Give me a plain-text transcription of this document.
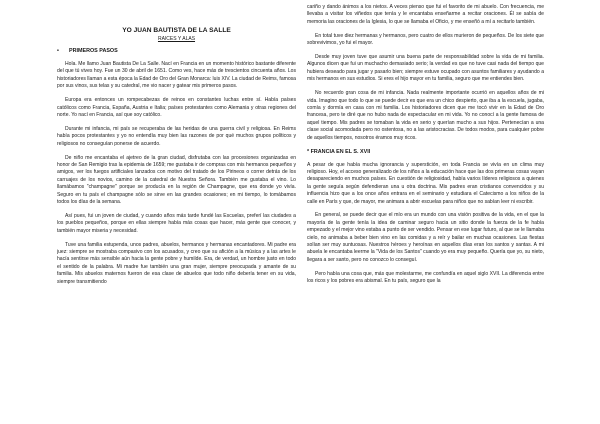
YO JUAN BAUTISTA DE LA SALLE
RAICES Y ALAS
• PRIMEROS PASOS

Hola. Me llamo Juan Bautista De La Salle. Nací en Francia en un momento histórico bastante diferente del que tú vives hoy. Fue un 30 de abril de 1651. Como ves, hace más de trescientos cincuenta años. Los historiadores llaman a esta época la Edad de Oro del Gran Monarca: luis XIV. La ciudad de Reims, famosa por sus vinos, sus telas y su catedral, me vio nacer y gatear mis primeros pasos.

Europa era entonces un rompecabezas de reinos en constantes luchas entre sí. Había países católicos como Francia, España, Austria e Italia; países protestantes como Alemania y otras regiones del norte. Yo nací en Francia, así que soy católico.

Durante mi infancia, mi país se recuperaba de las heridas de una guerra civil y religiosa. En Reims había pocos protestantes y yo no entendía muy bien las razones de por qué muchos grupos políticos y religiosos no conseguían ponerse de acuerdo.

De niño me encantaba el ajetreo de la gran ciudad, disfrutaba con las procesiones organizadas en honor de San Remigio tras la epidemia de 1659; me gustaba ir de compras con mis hermanos pequeños y amigos, ver los fuegos artificiales lanzados con motivo del tratado de los Pirineos o correr detrás de los carruajes de los novios, camino de la catedral de Nuestra Señora. También me gustaba el vino. Lo llamábamos "champagne" porque se producía en la región de Champagne, que era donde yo vivía. Seguro en tu país el champagne sólo se sirve en las grandes ocasiones; en mi tiempo, lo tomábamos todos los días de la semana.

Así pues, fui un joven de ciudad, y cuando años más tarde fundé las Escuelas, preferí las ciudades a los pueblos pequeños, porque en ellas siempre había más cosas que hacer, más gente que conocer, y también mayor miseria y necesidad.

Tuve una familia estupenda, unos padres, abuelos, hermanos y hermanas encantadores. Mi padre era juez: siempre se mostraba compasivo con los acusados, y creo que su afición a la música y a las artes le hacía sentirse más sensible aún hacia la gente pobre y humilde. Era, de verdad, un hombre justo en todo el sentido de la palabra. Mi madre fue también una gran mujer, siempre preocupada y amante de su familia. Mis abuelos maternos fueron de esa clase de abuelos que todo niño debería tener en su vida, siempre transmitiendo

cariño y dando ánimos a los nietos. A veces pienso que fui el favorito de mi abuelo. Con frecuencia, me llevaba a visitar los viñedos que tenía y le encantaba enseñarme a recitar oraciones. Él se sabía de memoria las oraciones de la Iglesia, lo que se llamaba el Oficio, y me enseñó a mí a recitarlo también.

En total tuve diez hermanas y hermanos, pero cuatro de ellos murieron de pequeños. De los siete que sobrevivimos, yo fui el mayor.

Desde muy joven tuve que asumir una buena parte de responsabilidad sobre la vida de mi familia. Algunos dicen que fui un muchacho demasiado serio; la verdad es que no tuve casi nada del tiempo que hubiera deseado para jugar y pasarlo bien; siempre estuve ocupado con asuntos familiares y ayudando a mis hermanos en sus estudios. Si eres el hijo mayor en tu familia, seguro que me entiendes bien.

No recuerdo gran cosa de mi infancia. Nada realmente importante ocurrió en aquellos años de mi vida. Imagino que todo lo que se puede decir es que era un chico despierto, que iba a la escuela, jugaba, comía y dormía en casa con mi familia. Los historiadores dicen que me tocó vivir en la Edad de Oro francesa, pero te diré que no hubo nada de espectacular en mi vida. Yo no conocí a la gente famosa de aquel tiempo. Mis padres se tomaban la vida en serio y querían mucho a sus hijos. Pertenecían a una clase social acomodada pero no ostentosa, no a las aristocracias. De todos modos, para cualquier pobre de aquellos tiempos, nosotros éramos muy ricos.

* FRANCIA EN EL S. XVII

A pesar de que había mucha ignorancia y superstición, en toda Francia se vivía en un clima muy religioso. Hoy, el acceso generalizado de los niños a la educación hace que las dos primeras cosas vayan desapareciendo en muchos países. En cuestión de religiosidad, había varios líderes religiosos a quienes la gente seguía según defendieran una u otra doctrina. Mis padres eran cristianos convencidos y su influencia hizo que a los once años entrara en el seminario y estudiara el Catecismo a los niños de la calle en París y que, de mayor, me animara a abrir escuelas para niños que no sabían leer ni escribir.

En general, se puede decir que el mío era un mundo con una visión positiva de la vida, en el que la mayoría de la gente tenía la idea de caminar seguro hacia un sitio donde la fuerza de la fe había empezado y el mejor vino estaba a punto de ser vendido. Pensar en ese lugar futuro, al que se le llamaba cielo, no animaba a beber bien vino en las comidas y a reír y bailar en muchas ocasiones. Las fiestas solían ser muy suntuosas. Nuestros héroes y heroínas en aquellos días eran los santos y santas. A mi abuela le encantaba leerme la "Vida de los Santos" cuando yo era muy pequeño. Quería que yo, su nieto, llegara a ser santo, pero no conozco lo conseguí.

Pero había una cosa que, más que molestarme, me confundía en aquel siglo XVII. La diferencia entre los ricos y los pobres era abismal. En tu país, seguro que la
